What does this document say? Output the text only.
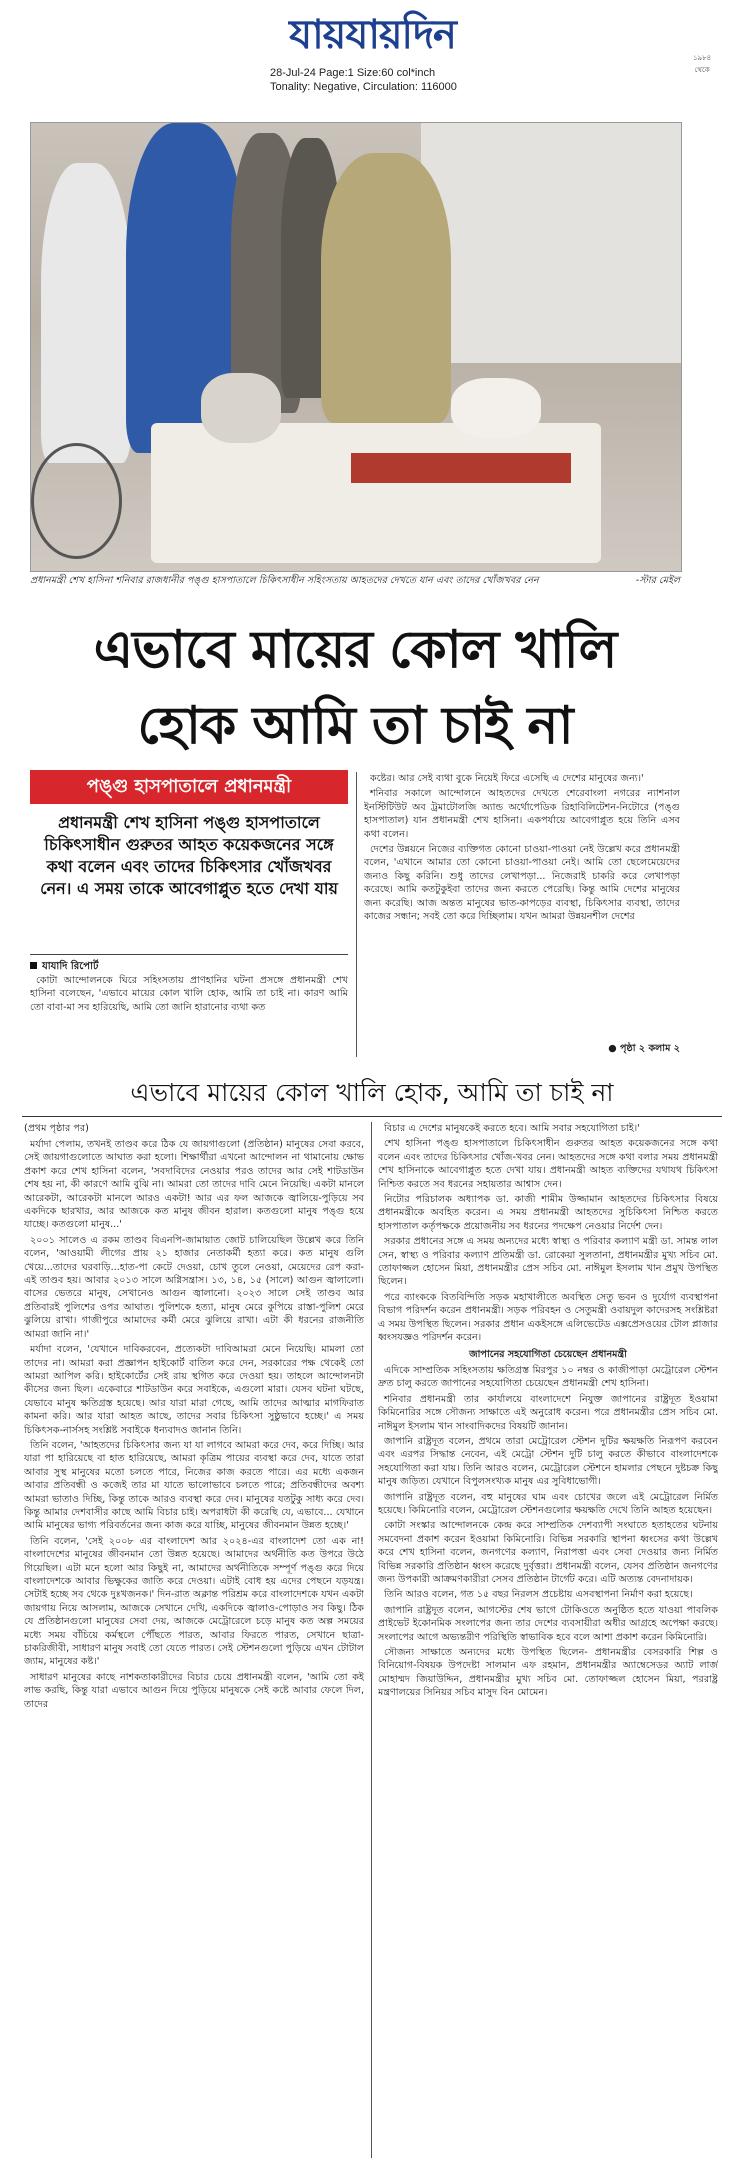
যায়যায়দিন	১৯৮৪ থেকে
28-Jul-24 Page:1 Size:60 col*inch
Tonality: Negative, Circulation: 116000
প্রধানমন্ত্রী শেখ হাসিনা শনিবার রাজধানীর পঙ্গু হাসপাতালে চিকিৎসাধীন সহিংসতায় আহতদের দেখতে যান এবং তাদের খোঁজখবর নেন	-স্টার মেইল
এভাবে মায়ের কোল খালি
হোক আমি তা চাই না
পঙ্গু হাসপাতালে প্রধানমন্ত্রী
প্রধানমন্ত্রী শেখ হাসিনা পঙ্গু হাসপাতালে চিকিৎসাধীন গুরুতর আহত কয়েকজনের সঙ্গে কথা বলেন এবং তাদের চিকিৎসার খোঁজখবর নেন। এ সময় তাকে আবেগাপ্লুত হতে দেখা যায়
যাযাদি রিপোর্ট

কোটা আন্দোলনকে ঘিরে সহিংসতায় প্রাণহানির ঘটনা প্রসঙ্গে প্রধানমন্ত্রী শেখ হাসিনা বলেছেন, 'এভাবে মায়ের কোল খালি হোক, আমি তা চাই না। কারণ আমি তো বাবা-মা সব হারিয়েছি, আমি তো জানি হারানোর ব্যথা কত

কষ্টের। আর সেই ব্যথা বুকে নিয়েই ফিরে এসেছি এ দেশের মানুষের জন্য।'

শনিবার সকালে আন্দোলনে আহতদের দেখতে শেরেবাংলা নগরের ন্যাশনাল ইনস্টিটিউট অব ট্রমাটোলজি অ্যান্ড অর্থোপেডিক রিহাবিলিটেশন-নিটোরে (পঙ্গু হাসপাতাল) যান প্রধানমন্ত্রী শেখ হাসিনা। একপর্যায়ে আবেগাপ্লুত হয়ে তিনি এসব কথা বলেন।

দেশের উন্নয়নে নিজের ব্যক্তিগত কোনো চাওয়া-পাওয়া নেই উল্লেখ করে প্রধানমন্ত্রী বলেন, 'এখানে আমার তো কোনো চাওয়া-পাওয়া নেই। আমি তো ছেলেমেয়েদের জন্যও কিছু করিনি। শুধু তাদের লেখাপড়া... নিজেরাই চাকরি করে লেখাপড়া করেছে। আমি কতটুকুইবা তাদের জন্য করতে পেরেছি। কিন্তু আমি দেশের মানুষের জন্য করেছি। আজ অন্তত মানুষের ভাত-কাপড়ের ব্যবস্থা, চিকিৎসার ব্যবস্থা, তাদের কাজের সন্ধান; সবই তো করে দিচ্ছিলাম। যখন আমরা উন্নয়নশীল দেশের

● পৃষ্ঠা ২ কলাম ২
এভাবে মায়ের কোল খালি হোক, আমি তা চাই না
(প্রথম পৃষ্ঠার পর)

মর্যাদা পেলাম, তখনই তাণ্ডব করে ঠিক যে জায়গাগুলো (প্রতিষ্ঠান) মানুষের সেবা করবে, সেই জায়গাগুলোতে আঘাত করা হলো। শিক্ষার্থীরা এখনো আন্দোলন না থামানোয় ক্ষোভ প্রকাশ করে শেখ হাসিনা বলেন, 'সবদাবিদের নেওয়ার পরও তাদের আর সেই শাটডাউন শেষ হয় না, কী কারণে আমি বুঝি না। আমরা তো তাদের দাবি মেনে নিয়েছি। একটা মানলে আরেকটা, আরেকটা মানলে আরও একটা! আর এর ফল আজকে জ্বালিয়ে-পুড়িয়ে সব একদিকে ছারখার, আর আজকে কত মানুষ জীবন হারাল। কতগুলো মানুষ পঙ্গু হয়ে যাচ্ছে। কতগুলো মানুষ...'

২০০১ সালেও এ রকম তাণ্ডব বিএনপি-জামায়াত জোট চালিয়েছিল উল্লেখ করে তিনি বলেন, 'আওয়ামী লীগের প্রায় ২১ হাজার নেতাকর্মী হত্যা করে। কত মানুষ গুলি খেয়ে...তাদের ঘরবাড়ি...হাত-পা কেটে দেওয়া, চোখ তুলে নেওয়া, মেয়েদের রেপ করা- এই তাণ্ডব হয়। আবার ২০১৩ সালে অগ্নিসন্ত্রাস। ১৩, ১৪, ১৫ (সালে) আগুন জ্বালালো। বাসের ভেতরে মানুষ, সেখানেও আগুন জ্বালানো। ২০২৩ সালে সেই তাণ্ডব আর প্রতিবারই পুলিশের ওপর আঘাত। পুলিশকে হত্যা, মানুষ মেরে কুপিয়ে রাস্তা-পুলিশ মেরে ঝুলিয়ে রাখা। গাজীপুরে আমাদের কর্মী মেরে ঝুলিয়ে রাখা। এটা কী ধরনের রাজনীতি আমরা জানি না।'

মর্যাদা বলেন, 'যেখানে দাবিকরবেন, প্রত্যেকটা দাবিআমরা মেনে নিয়েছি। মামলা তো তাদের না। আমরা করা প্রজ্ঞাপন হাইকোর্ট বাতিল করে দেন, সরকারের পক্ষ থেকেই তো আমরা আপিল করি। হাইকোর্টের সেই রায় স্থগিত করে দেওয়া হয়। তাহলে আন্দোলনটা কীসের জন্য ছিল। একেবারে শাটডাউন করে সবাইকে, এগুলো মারা। যেসব ঘটনা ঘটছে, যেভাবে মানুষ ক্ষতিগ্রস্ত হয়েছে। আর যারা মারা গেছে, আমি তাদের আত্মার মাগফিরাত কামনা করি। আর যারা আহত আছে, তাদের সবার চিকিৎসা সুষ্ঠুভাবে হচ্ছে।' এ সময় চিকিৎসক-নার্সসহ সংশ্লিষ্ট সবাইকে ধন্যবাদও জানান তিনি।

তিনি বলেন, 'আহতদের চিকিৎসার জন্য যা যা লাগবে আমরা করে দেব, করে দিচ্ছি। আর যারা পা হারিয়েছে বা হাত হারিয়েছে, আমরা কৃত্রিম পায়ের ব্যবস্থা করে দেব, যাতে তারা আবার সুস্থ মানুষের মতো চলতে পারে, নিজের কাজ করতে পারে। এর মধ্যে একজন আবার প্রতিবন্ধী ও কজেই তার মা যাতে ভালোভাবে চলতে পারে; প্রতিবন্ধীদের অবশ্য আমরা ভাতাও দিচ্ছি, কিন্তু তাকে আরও ব্যবস্থা করে দেব। মানুষের যতটুকু সাধ্য করে দেব। কিন্তু আমার দেশবাসীর কাছে আমি বিচার চাই। অপরাধটা কী করেছি যে, এভাবে... যেখানে আমি মানুষের ভাগ্য পরিবর্তনের জন্য কাজ করে যাচ্ছি, মানুষের জীবনমান উন্নত হচ্ছে।'

তিনি বলেন, 'সেই ২০০৮ এর বাংলাদেশ আর ২০২৪-এর বাংলাদেশ তো এক না! বাংলাদেশের মানুষের জীবনমান তো উন্নত হয়েছে। আমাদের অর্থনীতি কত উপরে উঠে গিয়েছিল। এটা মনে হলো আর কিছুই না, আমাদের অর্থনীতিকে সম্পূর্ণ পঙ্গু করে দিয়ে বাংলাদেশকে আবার ভিক্ষুকের জাতি করে দেওয়া। এটাই বোধ হয় এদের পেছনে যড়যন্ত্র। সেটাই হচ্ছে সব থেকে দুঃখজনক।' দিন-রাত অক্লান্ত পরিশ্রম করে বাংলাদেশকে যখন একটা জায়গায় নিয়ে আসলাম, আজকে সেখানে দেখি, একদিকে জ্বালাও-পোড়াও সব কিছু। ঠিক যে প্রতিষ্ঠানগুলো মানুষের সেবা দেয়, আজকে মেট্রোরেলে চড়ে মানুষ কত অল্প সময়ের মধ্যে সময় বাঁচিয়ে কর্মস্থলে পৌঁছতে পারত, আবার ফিরতে পারত, সেখানে ছাত্রা-চাকরিজীবী, সাধারণ মানুষ সবাই তো যেতে পারত। সেই স্টেশনগুলো পুড়িয়ে এখন টোটাল জ্যাম, মানুষের কষ্ট।'

সাধারণ মানুষের কাছে নাশকতাকারীদের বিচার চেয়ে প্রধানমন্ত্রী বলেন, 'আমি তো কই লাভ করছি, কিন্তু যারা এভাবে আগুন দিয়ে পুড়িয়ে মানুষকে সেই কষ্টে আবার ফেলে দিল, তাদের

বিচার এ দেশের মানুষকেই করতে হবে। আমি সবার সহযোগিতা চাই।'

শেখ হাসিনা পঙ্গু হাসপাতালে চিকিৎসাধীন গুরুতর আহত কয়েকজনের সঙ্গে কথা বলেন এবং তাদের চিকিৎসার খোঁজ-খবর নেন। আহতদের সঙ্গে কথা বলার সময় প্রধানমন্ত্রী শেখ হাসিনাকে আবেগাপ্লুত হতে দেখা যায়। প্রধানমন্ত্রী আহত ব্যক্তিদের যথাযথ চিকিৎসা নিশ্চিত করতে সব ধরনের সহায়তার আশ্বাস দেন।

নিটোর পরিচালক অধ্যাপক ডা. কাজী শামীম উজ্জামান আহতদের চিকিৎসার বিষয়ে প্রধানমন্ত্রীকে অবহিত করেন। এ সময় প্রধানমন্ত্রী আহতদের সুচিকিৎসা নিশ্চিত করতে হাসপাতাল কর্তৃপক্ষকে প্রয়োজনীয় সব ধরনের পদক্ষেপ নেওয়ার নির্দেশ দেন।

সরকার প্রধানের সঙ্গে এ সময় অন্যদের মধ্যে স্বাস্থ্য ও পরিবার কল্যাণ মন্ত্রী ডা. সামন্ত লাল সেন, স্বাস্থ্য ও পরিবার কল্যাণ প্রতিমন্ত্রী ডা. রোকেয়া সুলতানা, প্রধানমন্ত্রীর মুখ্য সচিব মো. তোফাজ্জল হোসেন মিয়া, প্রধানমন্ত্রীর প্রেস সচিব মো. নাঈমুল ইসলাম খান প্রমুখ উপস্থিত ছিলেন।

পরে ব্যাংককে বিতবিন্দিতি সড়ক মহাখালীতে অবস্থিত সেতু ভবন ও দুর্যোগ ব্যবস্থাপনা বিভাগ পরিদর্শন করেন প্রধানমন্ত্রী। সড়ক পরিবহন ও সেতুমন্ত্রী ওবায়দুল কাদেরসহ সংশ্লিষ্টরা এ সময় উপস্থিত ছিলেন। সরকার প্রধান একইসঙ্গে এলিভেটেড এক্সপ্রেসওয়ের টোল প্লাজার ধ্বংসযজ্ঞও পরিদর্শন করেন।

জাপানের সহযোগিতা চেয়েছেন প্রধানমন্ত্রী

এদিকে সাম্প্রতিক সহিংসতায় ক্ষতিগ্রস্ত মিরপুর ১০ নম্বর ও কাজীপাড়া মেট্রোরেল স্টেশন দ্রুত চালু করতে জাপানের সহযোগিতা চেয়েছেন প্রধানমন্ত্রী শেখ হাসিনা।

শনিবার প্রধানমন্ত্রী তার কার্যালয়ে বাংলাদেশে নিযুক্ত জাপানের রাষ্ট্রদূত ইওয়ামা কিমিনোরির সঙ্গে সৌজন্য সাক্ষাতে এই অনুরোধ করেন। পরে প্রধানমন্ত্রীর প্রেস সচিব মো. নাঈমুল ইসলাম খান সাংবাদিকদের বিষয়টি জানান।

জাপানি রাষ্ট্রদূত বলেন, প্রথমে তারা মেট্রোরেল স্টেশন দুটির ক্ষয়ক্ষতি নিরূপণ করবেন এবং এরপর সিদ্ধান্ত নেবেন, এই মেট্রো স্টেশন দুটি চালু করতে কীভাবে বাংলাদেশকে সহযোগিতা করা যায়। তিনি আরও বলেন, মেট্রোরেল স্টেশনে হামলার পেছনে দুষ্টচক্র কিছু মানুষ জড়িত। যেখানে বিপুলসংখ্যক মানুষ এর সুবিধাভোগী।

জাপানি রাষ্ট্রদূত বলেন, বহু মানুষের ঘাম এবং চোখের জলে এই মেট্রোরেল নির্মিত হয়েছে। কিমিনোরি বলেন, মেট্রোরেল স্টেশনগুলোর ক্ষয়ক্ষতি দেখে তিনি আহত হয়েছেন।

কোটা সংস্কার আন্দোলনকে কেন্দ্র করে সাম্প্রতিক দেশব্যাপী সংঘাতে হতাহতের ঘটনায় সমবেদনা প্রকাশ করেন ইওয়ামা কিমিনোরি। বিভিন্ন সরকারি স্থাপনা ধ্বংসের কথা উল্লেখ করে শেখ হাসিনা বলেন, জনগণের কল্যাণ, নিরাপত্তা এবং সেবা দেওয়ার জন্য নির্মিত বিভিন্ন সরকারি প্রতিষ্ঠান ধ্বংস করেছে দুর্বৃত্তরা। প্রধানমন্ত্রী বলেন, যেসব প্রতিষ্ঠান জনগণের জন্য উপকারী আক্রমণকারীরা সেসব প্রতিষ্ঠান টার্গেট করে। এটি অত্যন্ত বেদনাদায়ক।

তিনি আরও বলেন, গত ১৫ বছর নিরলস প্রচেষ্টায় এসবস্থাপনা নির্মাণ করা হয়েছে।

জাপানি রাষ্ট্রদূত বলেন, আগস্টের শেষ ভাগে টোকিওতে অনুষ্ঠিত হতে যাওয়া পাবলিক প্রাইভেট ইকোনমিক সংলাপের জন্য তার দেশের ব্যবসায়ীরা অধীর আগ্রহে অপেক্ষা করছে। সংলাপের আগে অভ্যন্তরীণ পরিস্থিতি স্বাভাবিক হবে বলে আশা প্রকাশ করেন কিমিনোরি।

সৌজন্য সাক্ষাতে অন্যদের মধ্যে উপস্থিত ছিলেন- প্রধানমন্ত্রীর বেসরকারি শিল্প ও বিনিয়োগ-বিষয়ক উপদেষ্টা সালমান এফ রহমান, প্রধানমন্ত্রীর অ্যাম্বেসেডর অ্যাট লার্জ মোহাম্মদ জিয়াউদ্দিন, প্রধানমন্ত্রীর মুখ্য সচিব মো. তোফাজ্জল হোসেন মিয়া, পররাষ্ট্র মন্ত্রণালয়ের সিনিয়র সচিব মাসুদ বিন মোমেন।
